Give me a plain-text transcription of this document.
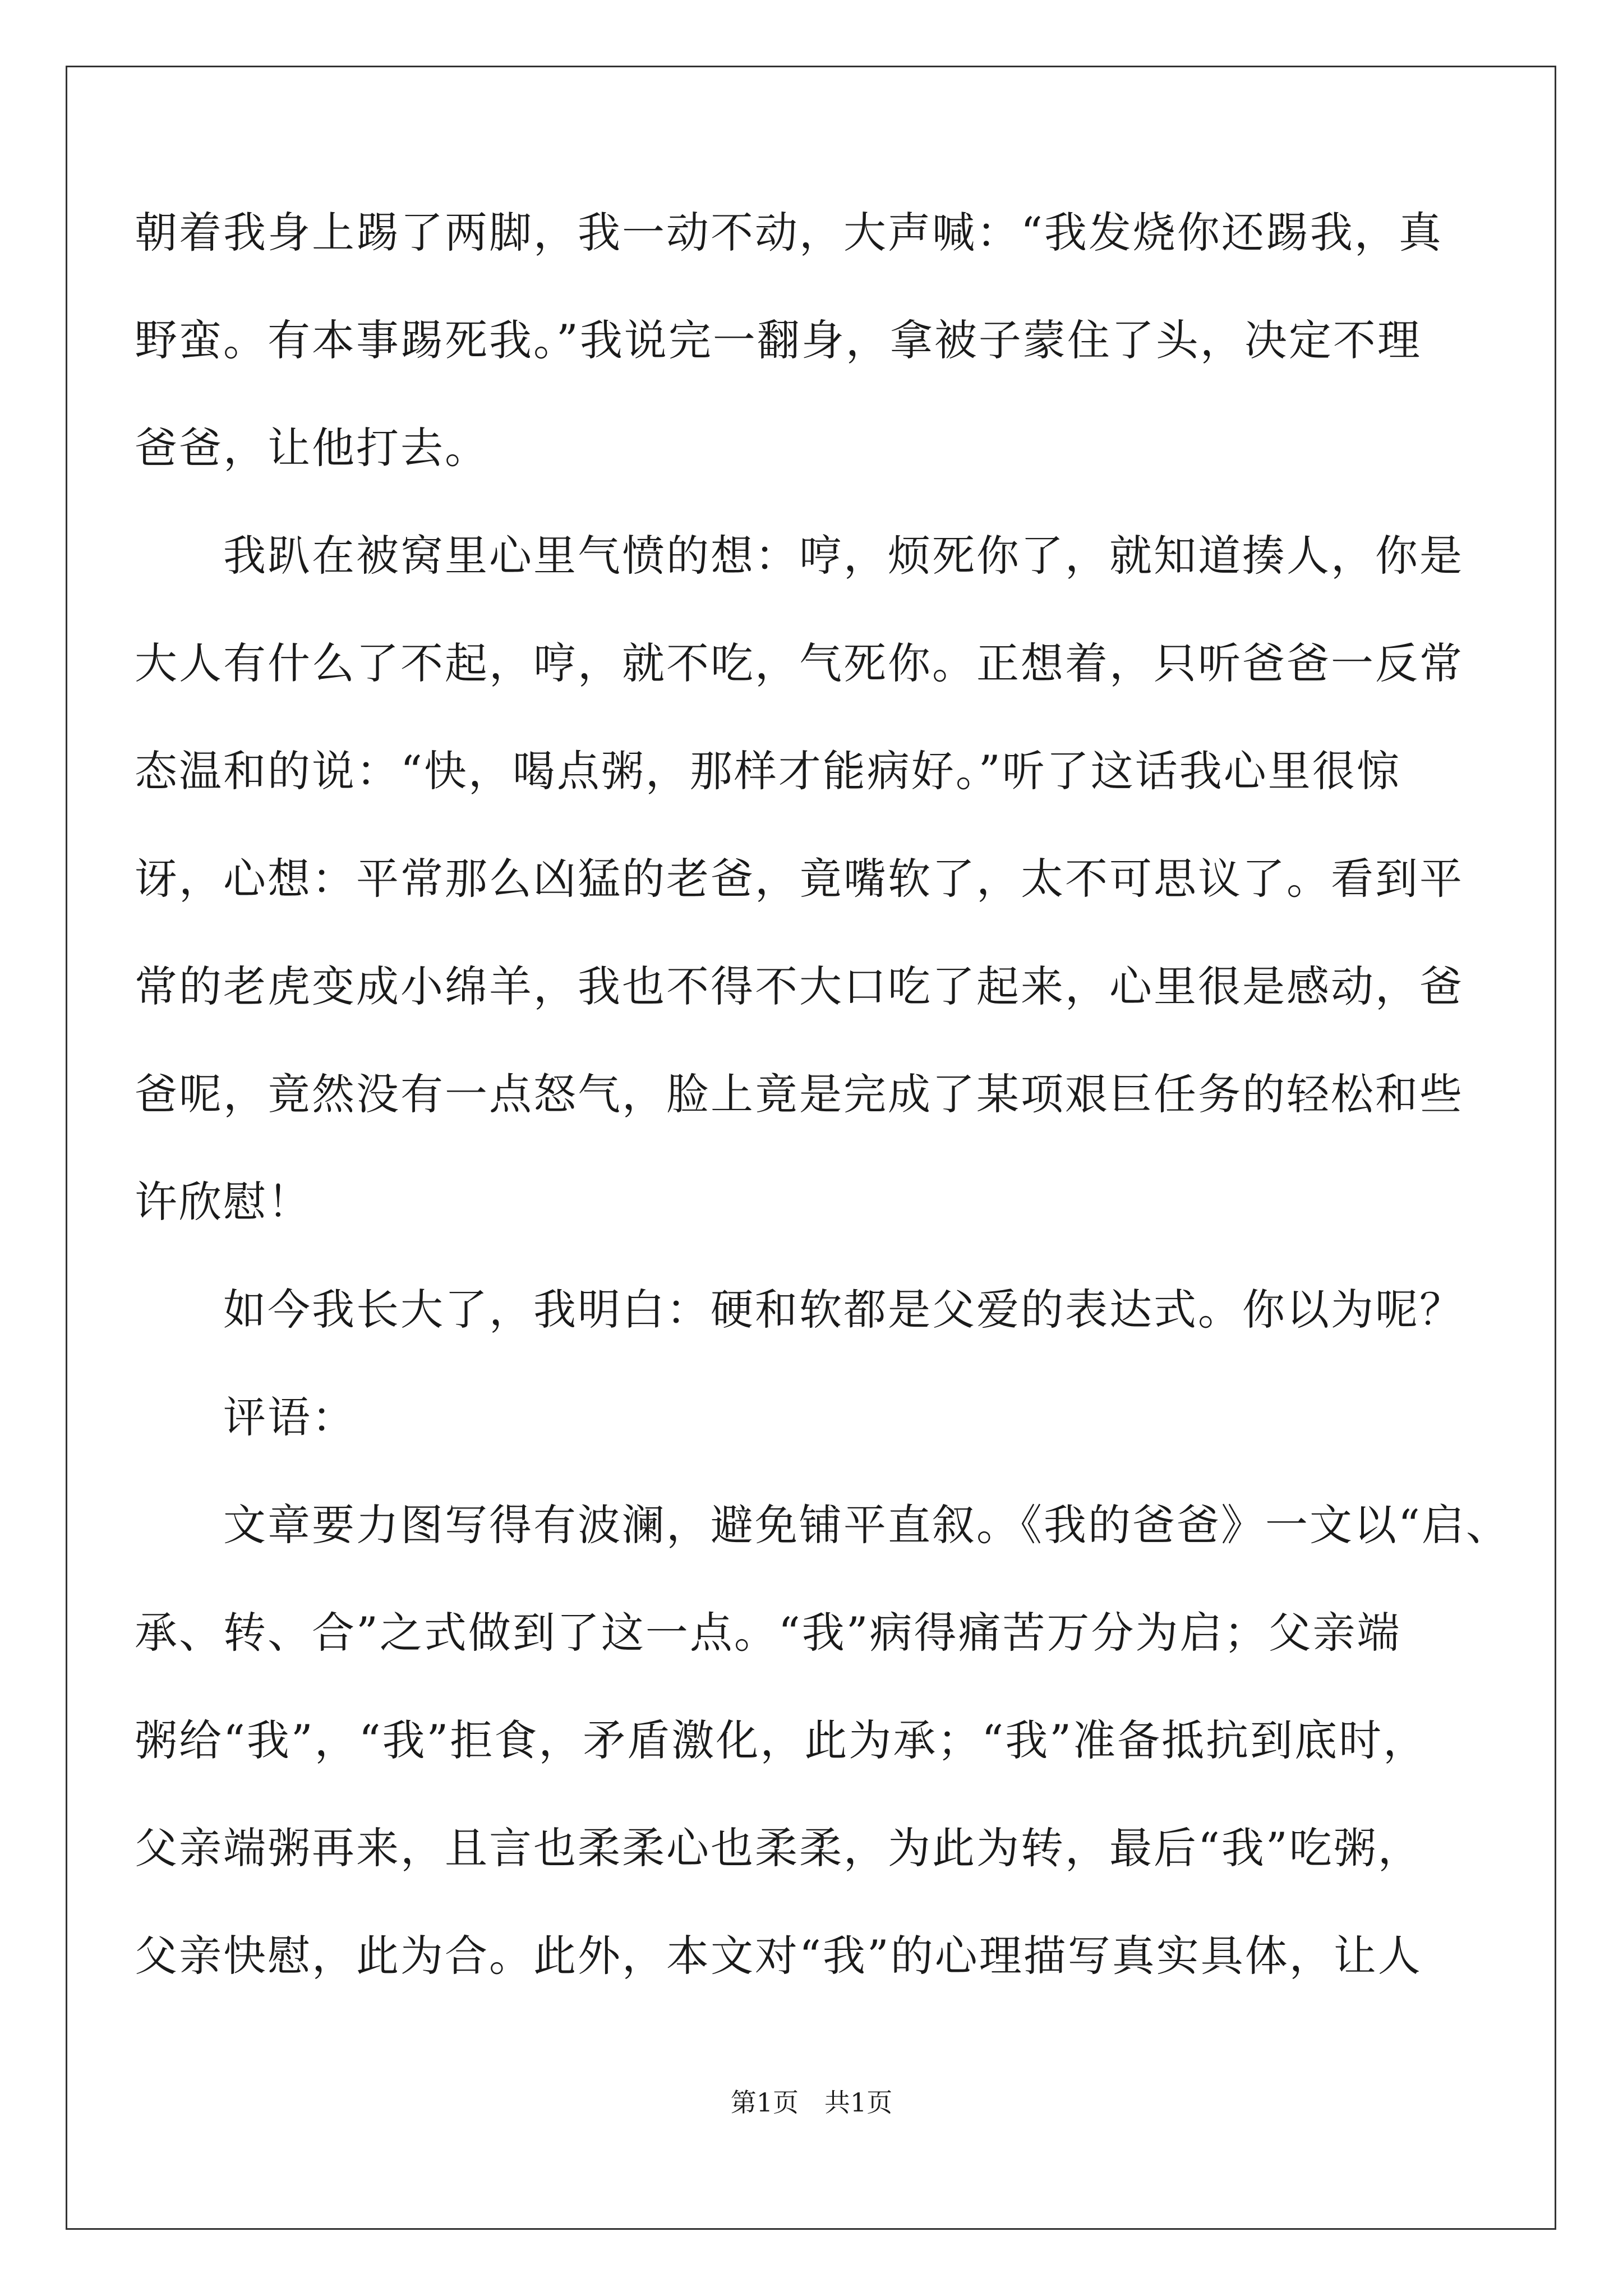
朝着我身上踢了两脚，我一动不动，大声喊：“我发烧你还踢我，真
野蛮。有本事踢死我。”我说完一翻身，拿被子蒙住了头，决定不理
爸爸，让他打去。
　　我趴在被窝里心里气愤的想：哼，烦死你了，就知道揍人，你是
大人有什么了不起，哼，就不吃，气死你。正想着，只听爸爸一反常
态温和的说：“快，喝点粥，那样才能病好。”听了这话我心里很惊
讶，心想：平常那么凶猛的老爸，竟嘴软了，太不可思议了。看到平
常的老虎变成小绵羊，我也不得不大口吃了起来，心里很是感动，爸
爸呢，竟然没有一点怒气，脸上竟是完成了某项艰巨任务的轻松和些
许欣慰！
　　如今我长大了，我明白：硬和软都是父爱的表达式。你以为呢？
　　评语：
　　文章要力图写得有波澜，避免铺平直叙。《我的爸爸》一文以“启、
承、转、合”之式做到了这一点。“我”病得痛苦万分为启；父亲端
粥给“我”，“我”拒食，矛盾激化，此为承；“我”准备抵抗到底时，
父亲端粥再来，且言也柔柔心也柔柔，为此为转，最后“我”吃粥，
父亲快慰，此为合。此外，本文对“我”的心理描写真实具体，让人
第1页　共1页
